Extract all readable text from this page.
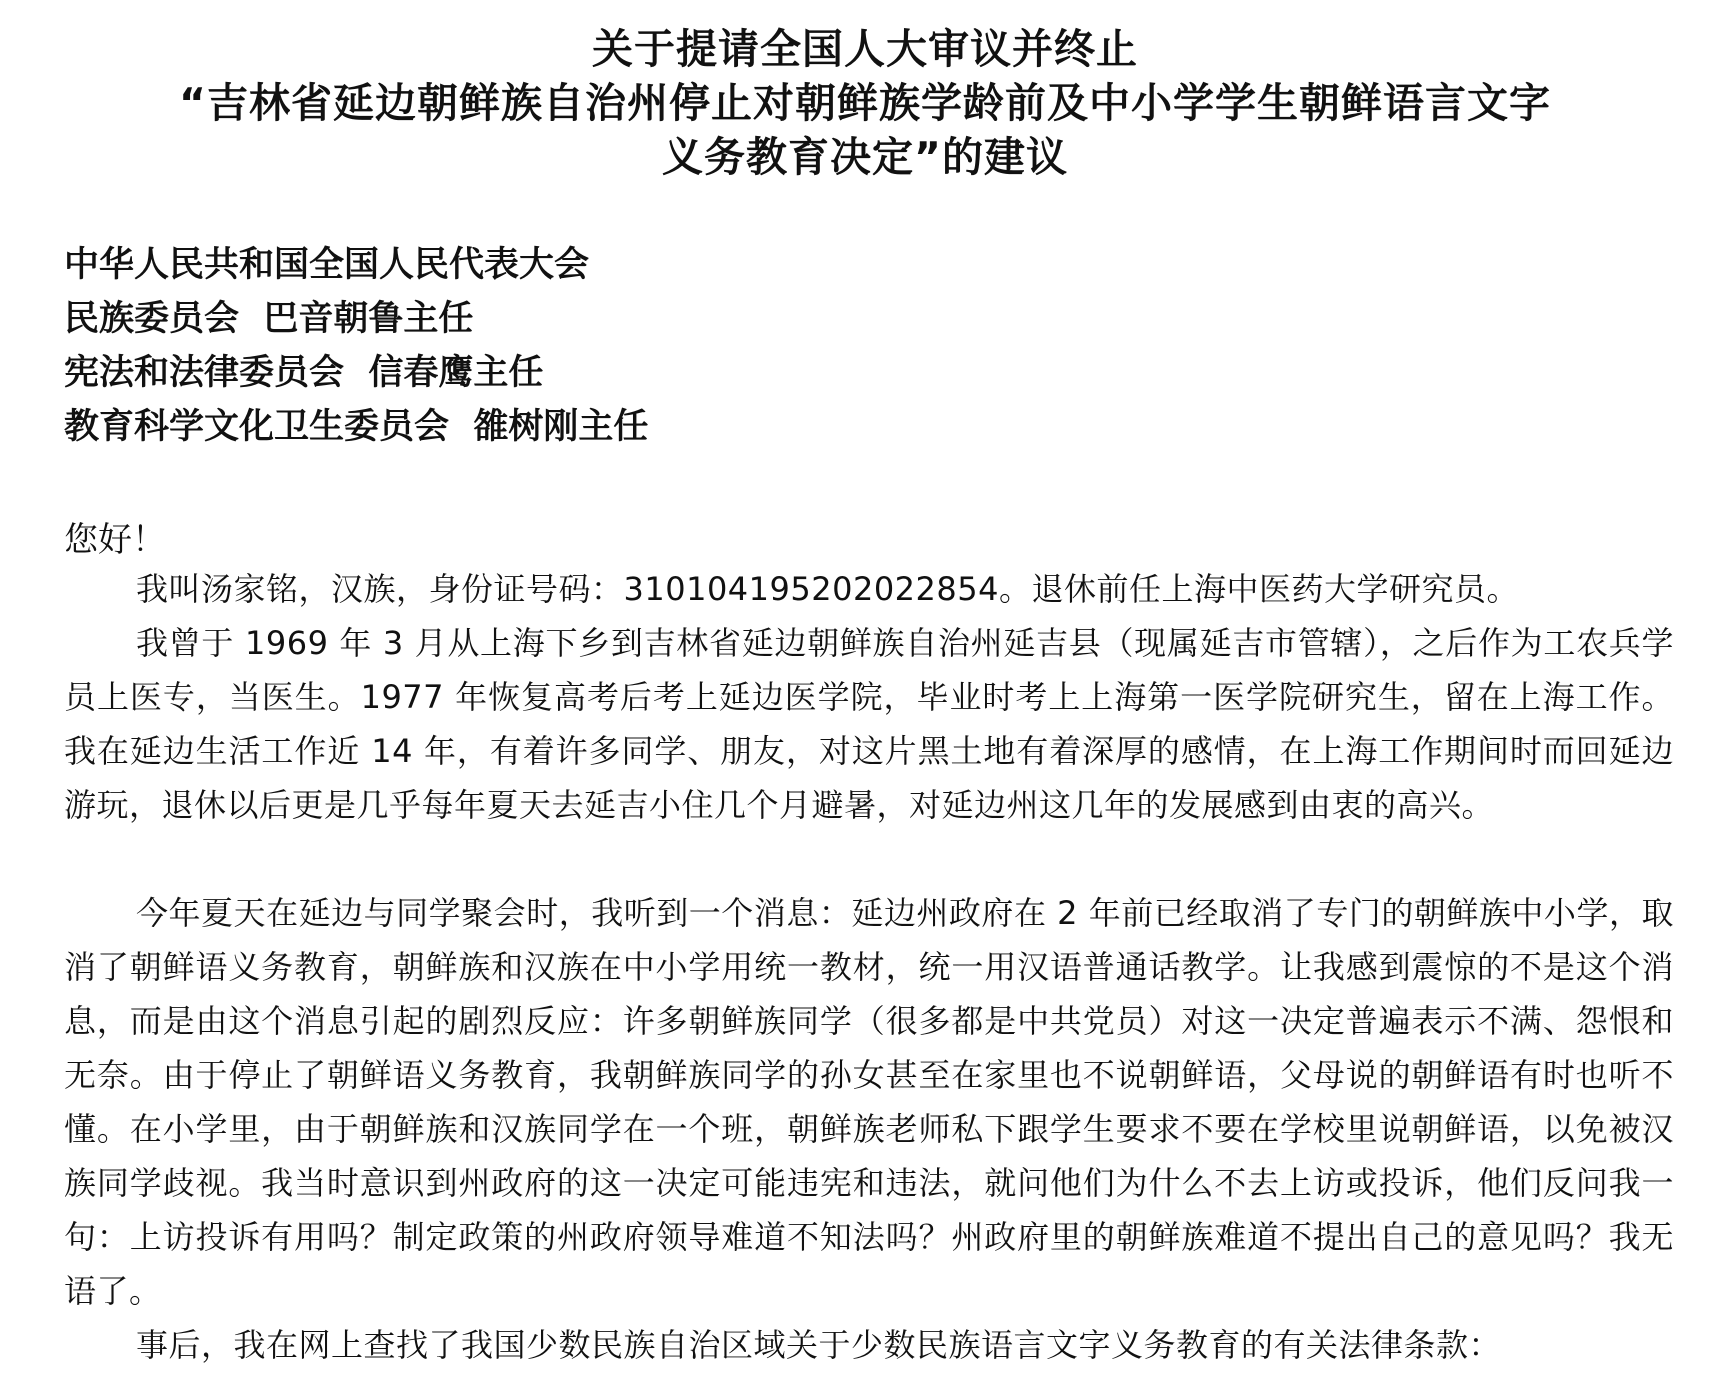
关于提请全国人大审议并终止
“吉林省延边朝鲜族自治州停止对朝鲜族学龄前及中小学学生朝鲜语言文字
义务教育决定”的建议
中华人民共和国全国人民代表大会
民族委员会  巴音朝鲁主任
宪法和法律委员会  信春鹰主任
教育科学文化卫生委员会  雒树刚主任
您好！
我叫汤家铭，汉族，身份证号码：310104195202022854。退休前任上海中医药大学研究员。
我曾于 1969 年 3 月从上海下乡到吉林省延边朝鲜族自治州延吉县（现属延吉市管辖），之后作为工农兵学员上医专，当医生。1977 年恢复高考后考上延边医学院，毕业时考上上海第一医学院研究生，留在上海工作。我在延边生活工作近 14 年，有着许多同学、朋友，对这片黑土地有着深厚的感情，在上海工作期间时而回延边游玩，退休以后更是几乎每年夏天去延吉小住几个月避暑，对延边州这几年的发展感到由衷的高兴。
今年夏天在延边与同学聚会时，我听到一个消息：延边州政府在 2 年前已经取消了专门的朝鲜族中小学，取消了朝鲜语义务教育，朝鲜族和汉族在中小学用统一教材，统一用汉语普通话教学。让我感到震惊的不是这个消息，而是由这个消息引起的剧烈反应：许多朝鲜族同学（很多都是中共党员）对这一决定普遍表示不满、怨恨和无奈。由于停止了朝鲜语义务教育，我朝鲜族同学的孙女甚至在家里也不说朝鲜语，父母说的朝鲜语有时也听不懂。在小学里，由于朝鲜族和汉族同学在一个班，朝鲜族老师私下跟学生要求不要在学校里说朝鲜语，以免被汉族同学歧视。我当时意识到州政府的这一决定可能违宪和违法，就问他们为什么不去上访或投诉，他们反问我一句：上访投诉有用吗？制定政策的州政府领导难道不知法吗？州政府里的朝鲜族难道不提出自己的意见吗？我无语了。
事后，我在网上查找了我国少数民族自治区域关于少数民族语言文字义务教育的有关法律条款：
